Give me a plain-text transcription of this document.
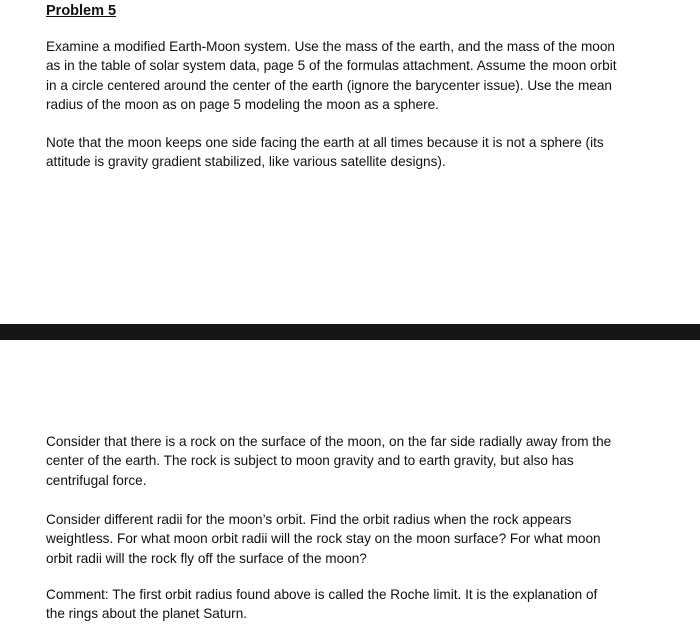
Problem 5

Examine a modified Earth-Moon system. Use the mass of the earth, and the mass of the moon
as in the table of solar system data, page 5 of the formulas attachment. Assume the moon orbit
in a circle centered around the center of the earth (ignore the barycenter issue). Use the mean
radius of the moon as on page 5 modeling the moon as a sphere.

Note that the moon keeps one side facing the earth at all times because it is not a sphere (its
attitude is gravity gradient stabilized, like various satellite designs).

Consider that there is a rock on the surface of the moon, on the far side radially away from the
center of the earth. The rock is subject to moon gravity and to earth gravity, but also has
centrifugal force.

Consider different radii for the moon’s orbit. Find the orbit radius when the rock appears
weightless. For what moon orbit radii will the rock stay on the moon surface? For what moon
orbit radii will the rock fly off the surface of the moon?

Comment: The first orbit radius found above is called the Roche limit. It is the explanation of
the rings about the planet Saturn.
